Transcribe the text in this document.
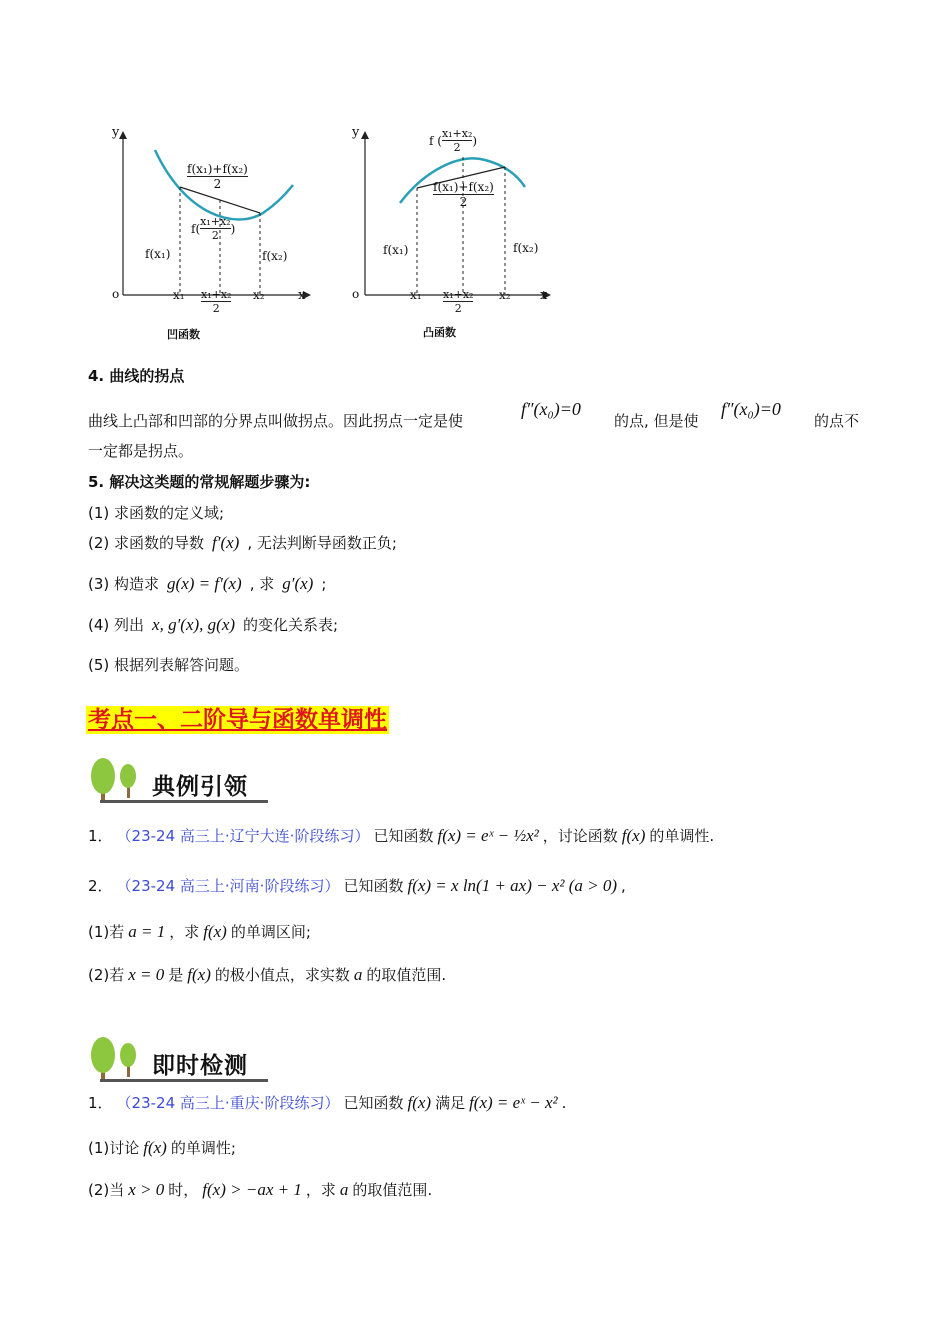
y
o	x
$\frac{\text{f(x₁)+f(x₂)}}{2}$
$f( \frac{\text{x₁+x₂}}{2}$ )
f(x₁)	f(x₂)
x₁	x₂
$\frac{\text{x₁+x₂}}{2}$
凹函数
y
o	x
f ( $\frac{\text{x₁+x₂}}{2}$ )
$\frac{\text{f(x₁)+f(x₂)}}{2}$
f(x₁)	f(x₂)
x₁	x₂
$\frac{\text{x₁+x₂}}{2}$
凸函数
4. 曲线的拐点
曲线上凸部和凹部的分界点叫做拐点。因此拐点一定是使
f″(x₀)=0
的点, 但是使
f″(x₀)=0
的点不
一定都是拐点。
5. 解决这类题的常规解题步骤为:
(1) 求函数的定义域;
(2) 求函数的导数 f′(x) , 无法判断导函数正负;
(3) 构造求 g(x) = f′(x) , 求 g′(x) ;
(4) 列出 x, g′(x), g(x) 的变化关系表;
(5) 根据列表解答问题。
考点一、二阶导与函数单调性
典例引领
1． （23-24 高三上·辽宁大连·阶段练习） 已知函数 f(x) = eˣ − ½x² ，讨论函数 f(x) 的单调性.
2． （23-24 高三上·河南·阶段练习） 已知函数 f(x) = x ln(1 + ax) − x² (a > 0) ,
(1)若 a = 1 ，求 f(x) 的单调区间;
(2)若 x = 0 是 f(x) 的极小值点，求实数 a 的取值范围.
即时检测
1． （23-24 高三上·重庆·阶段练习） 已知函数 f(x) 满足 f(x) = eˣ − x² .
(1)讨论 f(x) 的单调性;
(2)当 x > 0 时， f(x) > −ax + 1 ，求 a 的取值范围.
